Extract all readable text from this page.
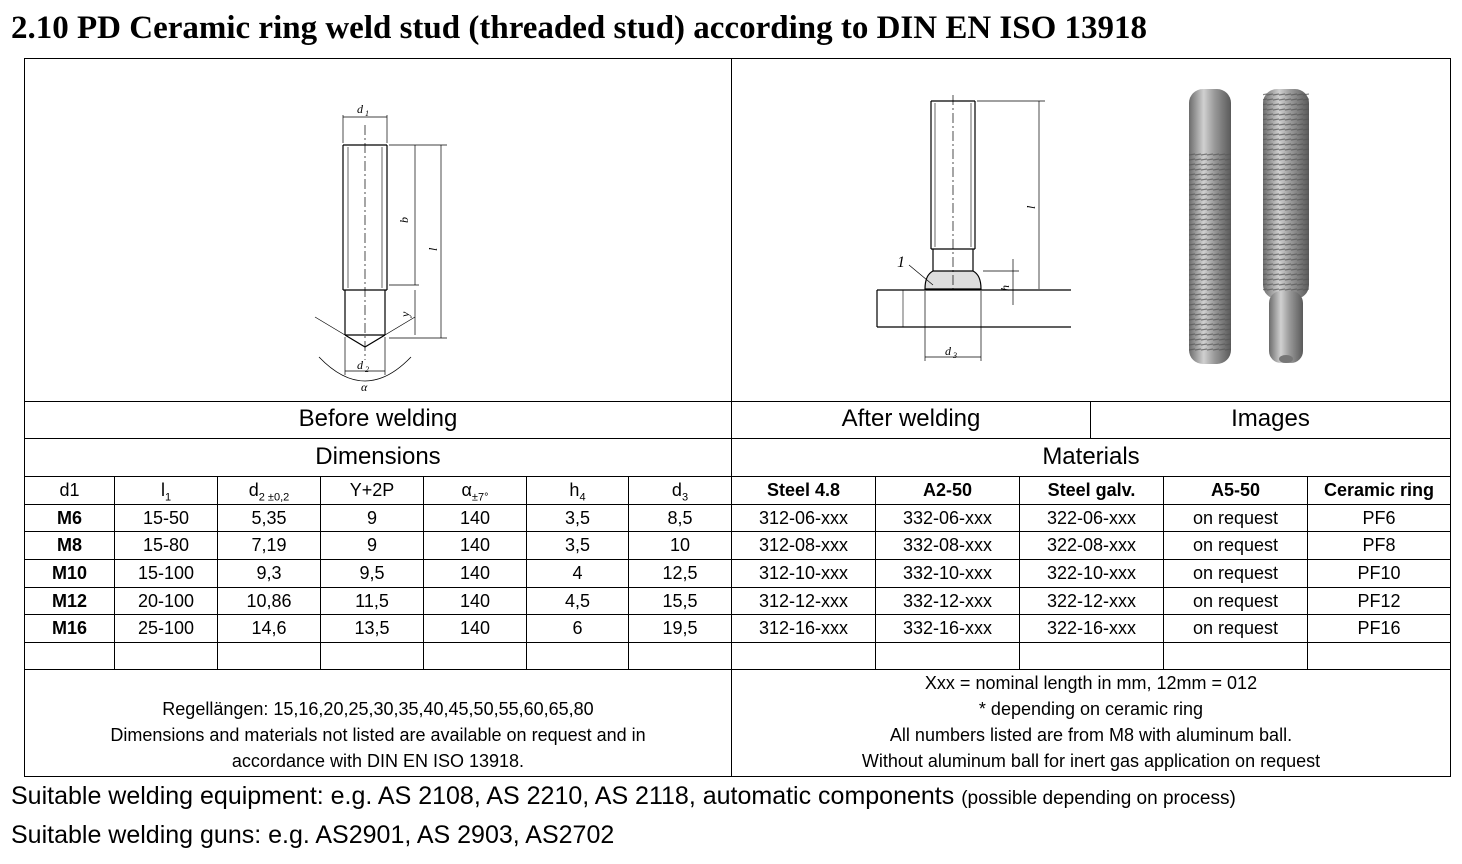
2.10 PD Ceramic ring weld stud (threaded stud) according to DIN EN ISO 13918
d 1
b
l
y
d 2
α
l
h
1
d 3
Before welding	After welding	Images
Dimensions	Materials
d1	$l_1$	$d_{2 \pm 0,2}$	Y+2P	$\alpha_{\pm 7^\circ}$	$h_4$	$d_3$	Steel 4.8	A2-50	Steel galv.	A5-50	Ceramic ring
M6	15-50	5,35	9	140	3,5	8,5	312-06-xxx	332-06-xxx	322-06-xxx	on request	PF6
M8	15-80	7,19	9	140	3,5	10	312-08-xxx	332-08-xxx	322-08-xxx	on request	PF8
M10	15-100	9,3	9,5	140	4	12,5	312-10-xxx	332-10-xxx	322-10-xxx	on request	PF10
M12	20-100	10,86	11,5	140	4,5	15,5	312-12-xxx	332-12-xxx	322-12-xxx	on request	PF12
M16	25-100	14,6	13,5	140	6	19,5	312-16-xxx	332-16-xxx	322-16-xxx	on request	PF16
Regellängen: 15,16,20,25,30,35,40,45,50,55,60,65,80
Dimensions and materials not listed are available on request and in
accordance with DIN EN ISO 13918.
Xxx = nominal length in mm, 12mm = 012
* depending on ceramic ring
All numbers listed are from M8 with aluminum ball.
Without aluminum ball for inert gas application on request
Suitable welding equipment: e.g. AS 2108, AS 2210, AS 2118, automatic components (possible depending on process)
Suitable welding guns: e.g. AS2901, AS 2903, AS2702
